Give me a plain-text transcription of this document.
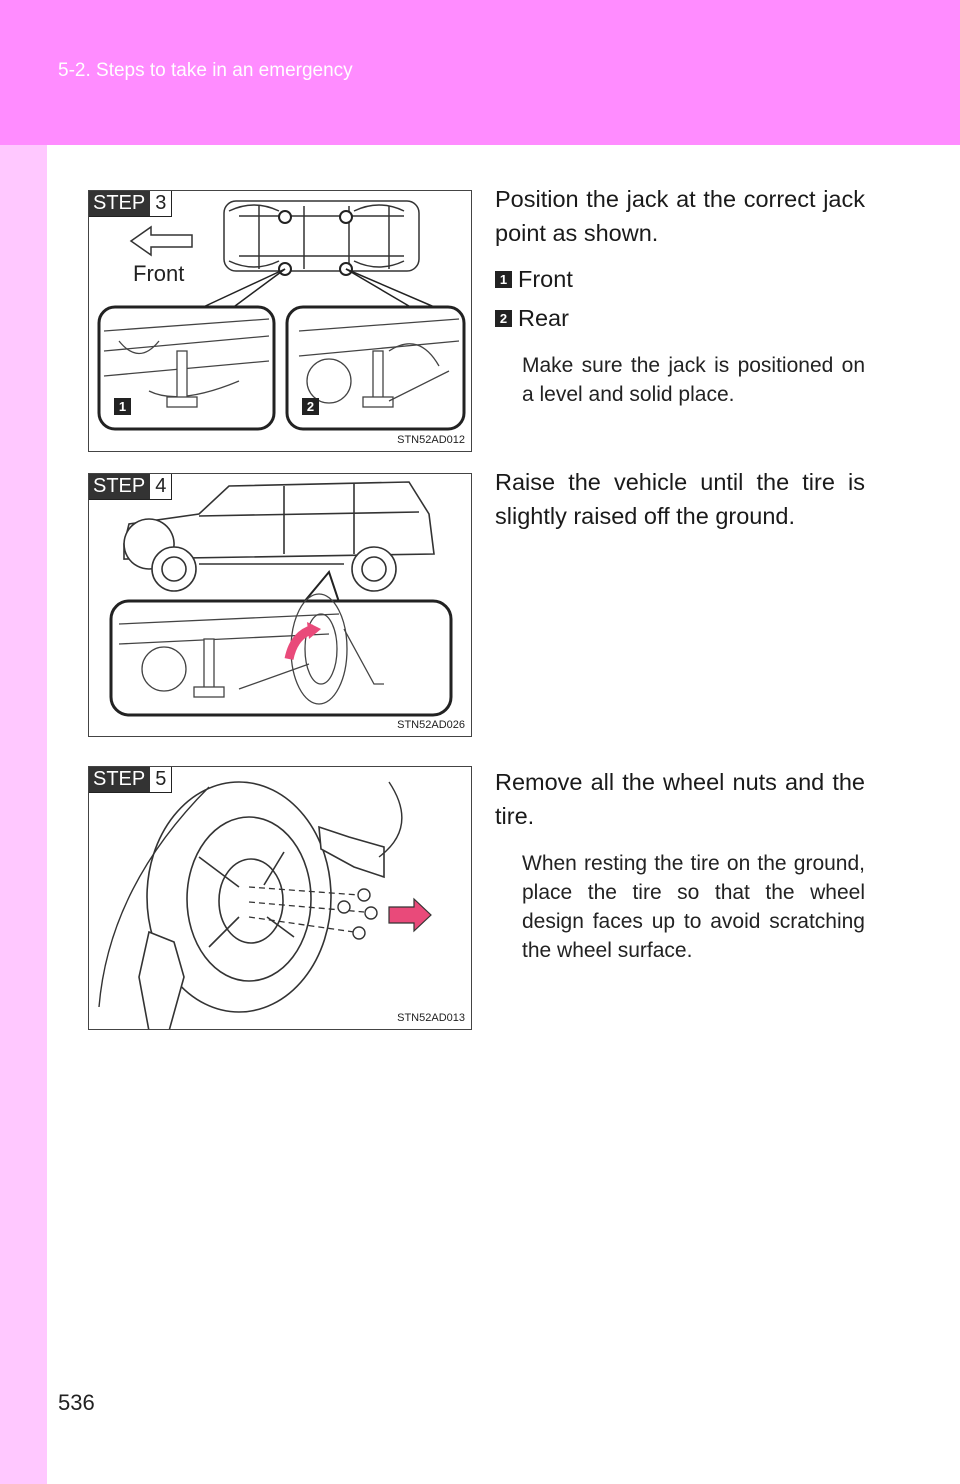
5-2. Steps to take in an emergency
STEP 3
Front
1	2
STN52AD012
Position the jack at the correct jack point as shown.
1 Front
2 Rear
Make sure the jack is positioned on a level and solid place.
STEP 4
STN52AD026
Raise the vehicle until the tire is slightly raised off the ground.
STEP 5
STN52AD013
Remove all the wheel nuts and the tire.
When resting the tire on the ground, place the tire so that the wheel design faces up to avoid scratching the wheel surface.
536
